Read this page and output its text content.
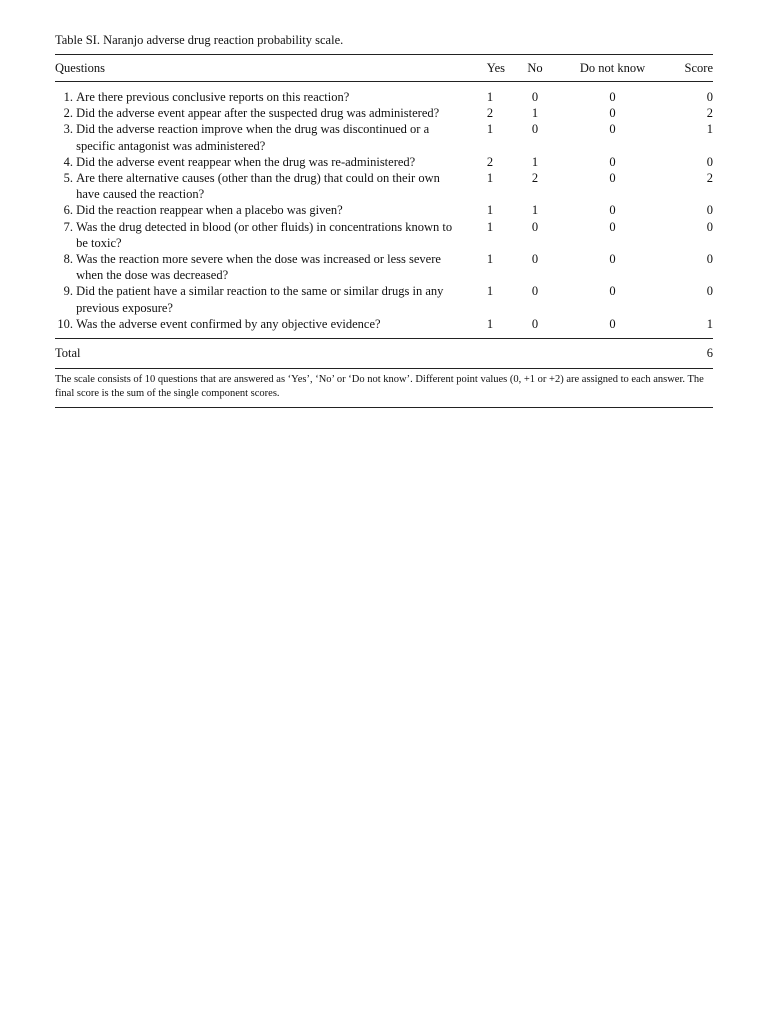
Table SI. Naranjo adverse drug reaction probability scale.

Questions	Yes	No	Do not know	Score

1. Are there previous conclusive reports on this reaction?	1	0	0	0
2. Did the adverse event appear after the suspected drug was administered?	2	1	0	2
3. Did the adverse reaction improve when the drug was discontinued or a specific antagonist was administered?	1	0	0	1
4. Did the adverse event reappear when the drug was re-administered?	2	1	0	0
5. Are there alternative causes (other than the drug) that could on their own have caused the reaction?	1	2	0	2
6. Did the reaction reappear when a placebo was given?	1	1	0	0
7. Was the drug detected in blood (or other fluids) in concentrations known to be toxic?	1	0	0	0
8. Was the reaction more severe when the dose was increased or less severe when the dose was decreased?	1	0	0	0
9. Did the patient have a similar reaction to the same or similar drugs in any previous exposure?	1	0	0	0
10. Was the adverse event confirmed by any objective evidence?	1	0	0	1

Total				6

The scale consists of 10 questions that are answered as ‘Yes’, ‘No’ or ‘Do not know’. Different point values (0, +1 or +2) are assigned to each answer. The final score is the sum of the single component scores.				
